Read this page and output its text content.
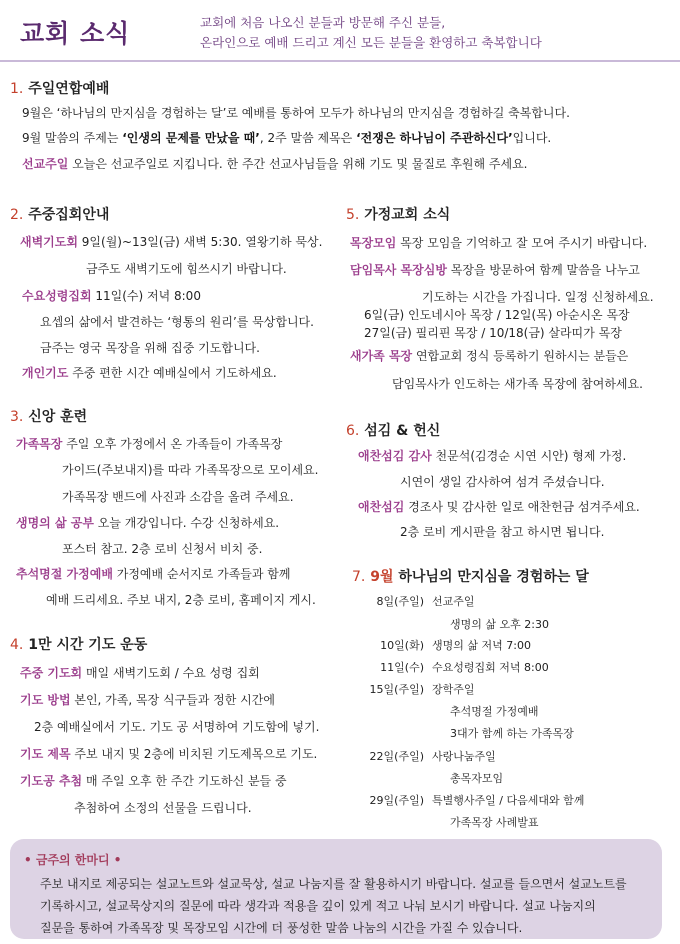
교회 소식	교회에 처음 나오신 분들과 방문해 주신 분들,
온라인으로 예배 드리고 계신 모든 분들을 환영하고 축복합니다
1. 주일연합예배
9월은 ‘하나님의 만지심을 경험하는 달’로 예배를 통하여 모두가 하나님의 만지심을 경험하길 축복합니다.
9월 말씀의 주제는 ‘인생의 문제를 만났을 때’, 2주 말씀 제목은 ‘전쟁은 하나님이 주관하신다’입니다.
선교주일 오늘은 선교주일로 지킵니다. 한 주간 선교사님들을 위해 기도 및 물질로 후원해 주세요.
2. 주중집회안내
새벽기도회 9일(월)~13일(금) 새벽 5:30. 열왕기하 묵상.
금주도 새벽기도에 힘쓰시기 바랍니다.
수요성령집회 11일(수) 저녁 8:00
요셉의 삶에서 발견하는 ‘형통의 원리’를 묵상합니다.
금주는 영국 목장을 위해 집중 기도합니다.
개인기도 주중 편한 시간 예배실에서 기도하세요.
3. 신앙 훈련
가족목장 주일 오후 가정에서 온 가족들이 가족목장
가이드(주보내지)를 따라 가족목장으로 모이세요.
가족목장 밴드에 사진과 소감을 올려 주세요.
생명의 삶 공부 오늘 개강입니다. 수강 신청하세요.
포스터 참고. 2층 로비 신청서 비치 중.
추석명절 가정예배 가정예배 순서지로 가족들과 함께
예배 드리세요. 주보 내지, 2층 로비, 홈페이지 게시.
4. 1만 시간 기도 운동
주중 기도회 매일 새벽기도회 / 수요 성령 집회
기도 방법 본인, 가족, 목장 식구들과 정한 시간에
2층 예배실에서 기도. 기도 공 서명하여 기도함에 넣기.
기도 제목 주보 내지 및 2층에 비치된 기도제목으로 기도.
기도공 추첨 매 주일 오후 한 주간 기도하신 분들 중
추첨하여 소정의 선물을 드립니다.
5. 가정교회 소식
목장모임 목장 모임을 기억하고 잘 모여 주시기 바랍니다.
담임목사 목장심방 목장을 방문하여 함께 말씀을 나누고
기도하는 시간을 가집니다. 일정 신청하세요.
6일(금) 인도네시아 목장 / 12일(목) 아순시온 목장
27일(금) 필리핀 목장 / 10/18(금) 살라띠가 목장
새가족 목장 연합교회 정식 등록하기 원하시는 분들은
담임목사가 인도하는 새가족 목장에 참여하세요.
6. 섬김 & 헌신
애찬섬김 감사 천문석(김경순 시연 시안) 형제 가정.
시연이 생일 감사하여 섬겨 주셨습니다.
애찬섬김 경조사 및 감사한 일로 애찬헌금 섬겨주세요.
2층 로비 게시판을 참고 하시면 됩니다.
7. 9월 하나님의 만지심을 경험하는 달
8일(주일) 선교주일
생명의 삶 오후 2:30
10일(화) 생명의 삶 저녁 7:00
11일(수) 수요성령집회 저녁 8:00
15일(주일) 장학주일
추석명절 가정예배
3대가 함께 하는 가족목장
22일(주일) 사랑나눔주일
총목자모임
29일(주일) 특별행사주일 / 다음세대와 함께
가족목장 사례발표
• 금주의 한마디 •
주보 내지로 제공되는 설교노트와 설교묵상, 설교 나눔지를 잘 활용하시기 바랍니다. 설교를 들으면서 설교노트를
기록하시고, 설교묵상지의 질문에 따라 생각과 적용을 깊이 있게 적고 나눠 보시기 바랍니다. 설교 나눔지의
질문을 통하여 가족목장 및 목장모임 시간에 더 풍성한 말씀 나눔의 시간을 가질 수 있습니다.
